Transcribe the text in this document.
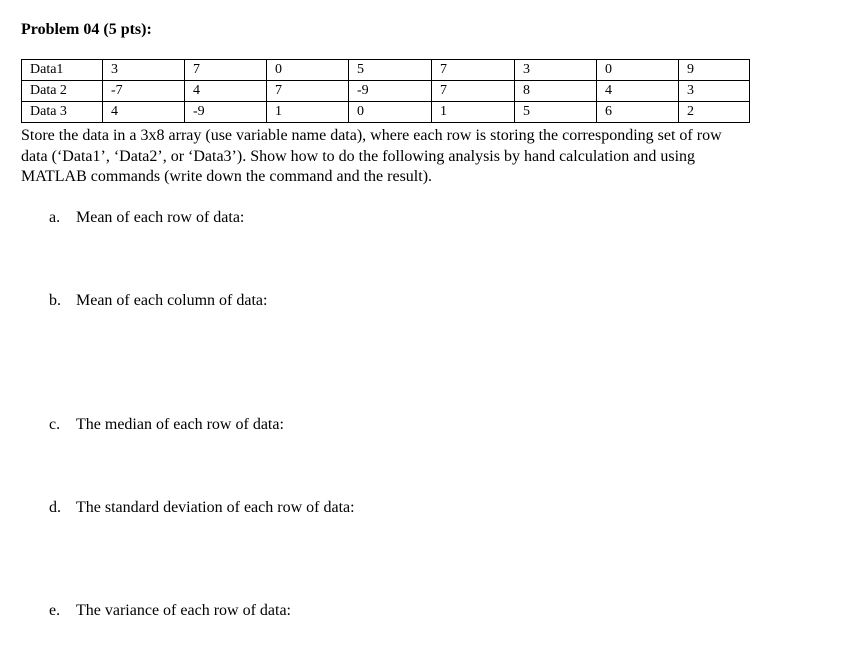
Problem 04 (5 pts):
Data1	3	7	0	5	7	3	0	9
Data 2	-7	4	7	-9	7	8	4	3
Data 3	4	-9	1	0	1	5	6	2
Store the data in a 3x8 array (use variable name data), where each row is storing the corresponding set of row
data (‘Data1’, ‘Data2’, or ‘Data3’). Show how to do the following analysis by hand calculation and using
MATLAB commands (write down the command and the result).
a. Mean of each row of data:
b. Mean of each column of data:
c. The median of each row of data:
d. The standard deviation of each row of data:
e. The variance of each row of data:
